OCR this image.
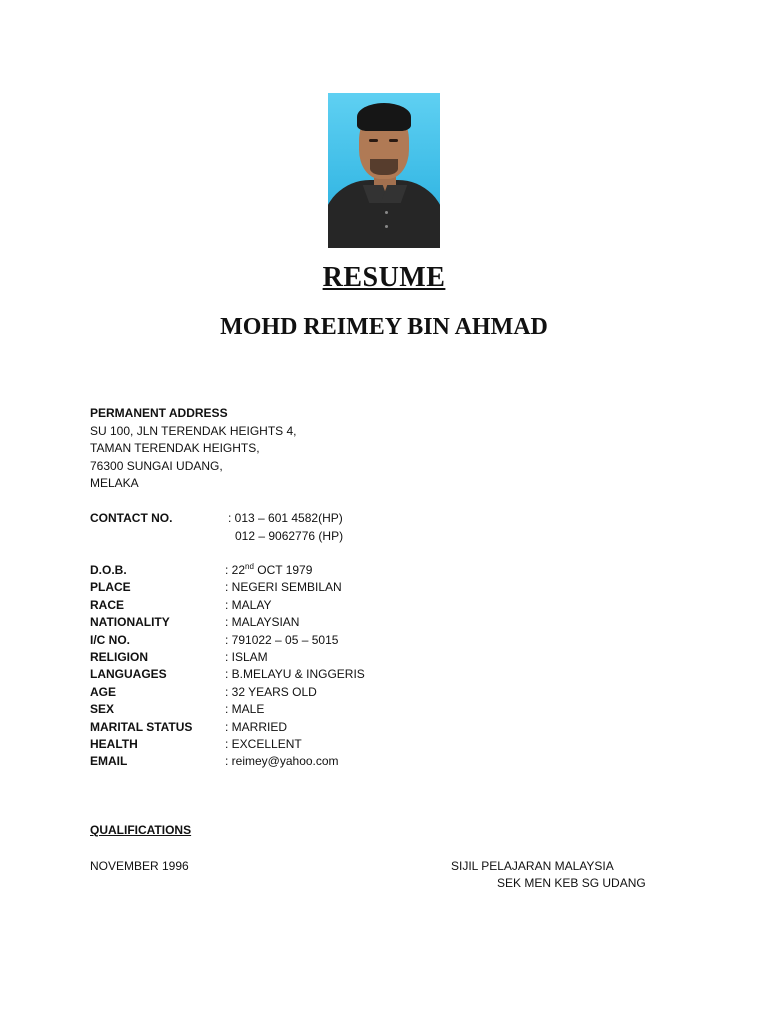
RESUME
MOHD REIMEY BIN AHMAD
PERMANENT ADDRESS
SU 100, JLN TERENDAK HEIGHTS 4,
TAMAN TERENDAK HEIGHTS,
76300 SUNGAI UDANG,
MELAKA
CONTACT NO.	: 013 – 601 4582(HP)
012 – 9062776 (HP)
D.O.B.	: 22nd OCT 1979
PLACE	: NEGERI SEMBILAN
RACE	: MALAY
NATIONALITY	: MALAYSIAN
I/C NO.	: 791022 – 05 – 5015
RELIGION	: ISLAM
LANGUAGES	: B.MELAYU & INGGERIS
AGE	: 32 YEARS OLD
SEX	: MALE
MARITAL STATUS	: MARRIED
HEALTH	: EXCELLENT
EMAIL	: reimey@yahoo.com
QUALIFICATIONS
NOVEMBER 1996	SIJIL PELAJARAN MALAYSIA
SEK MEN KEB SG UDANG
